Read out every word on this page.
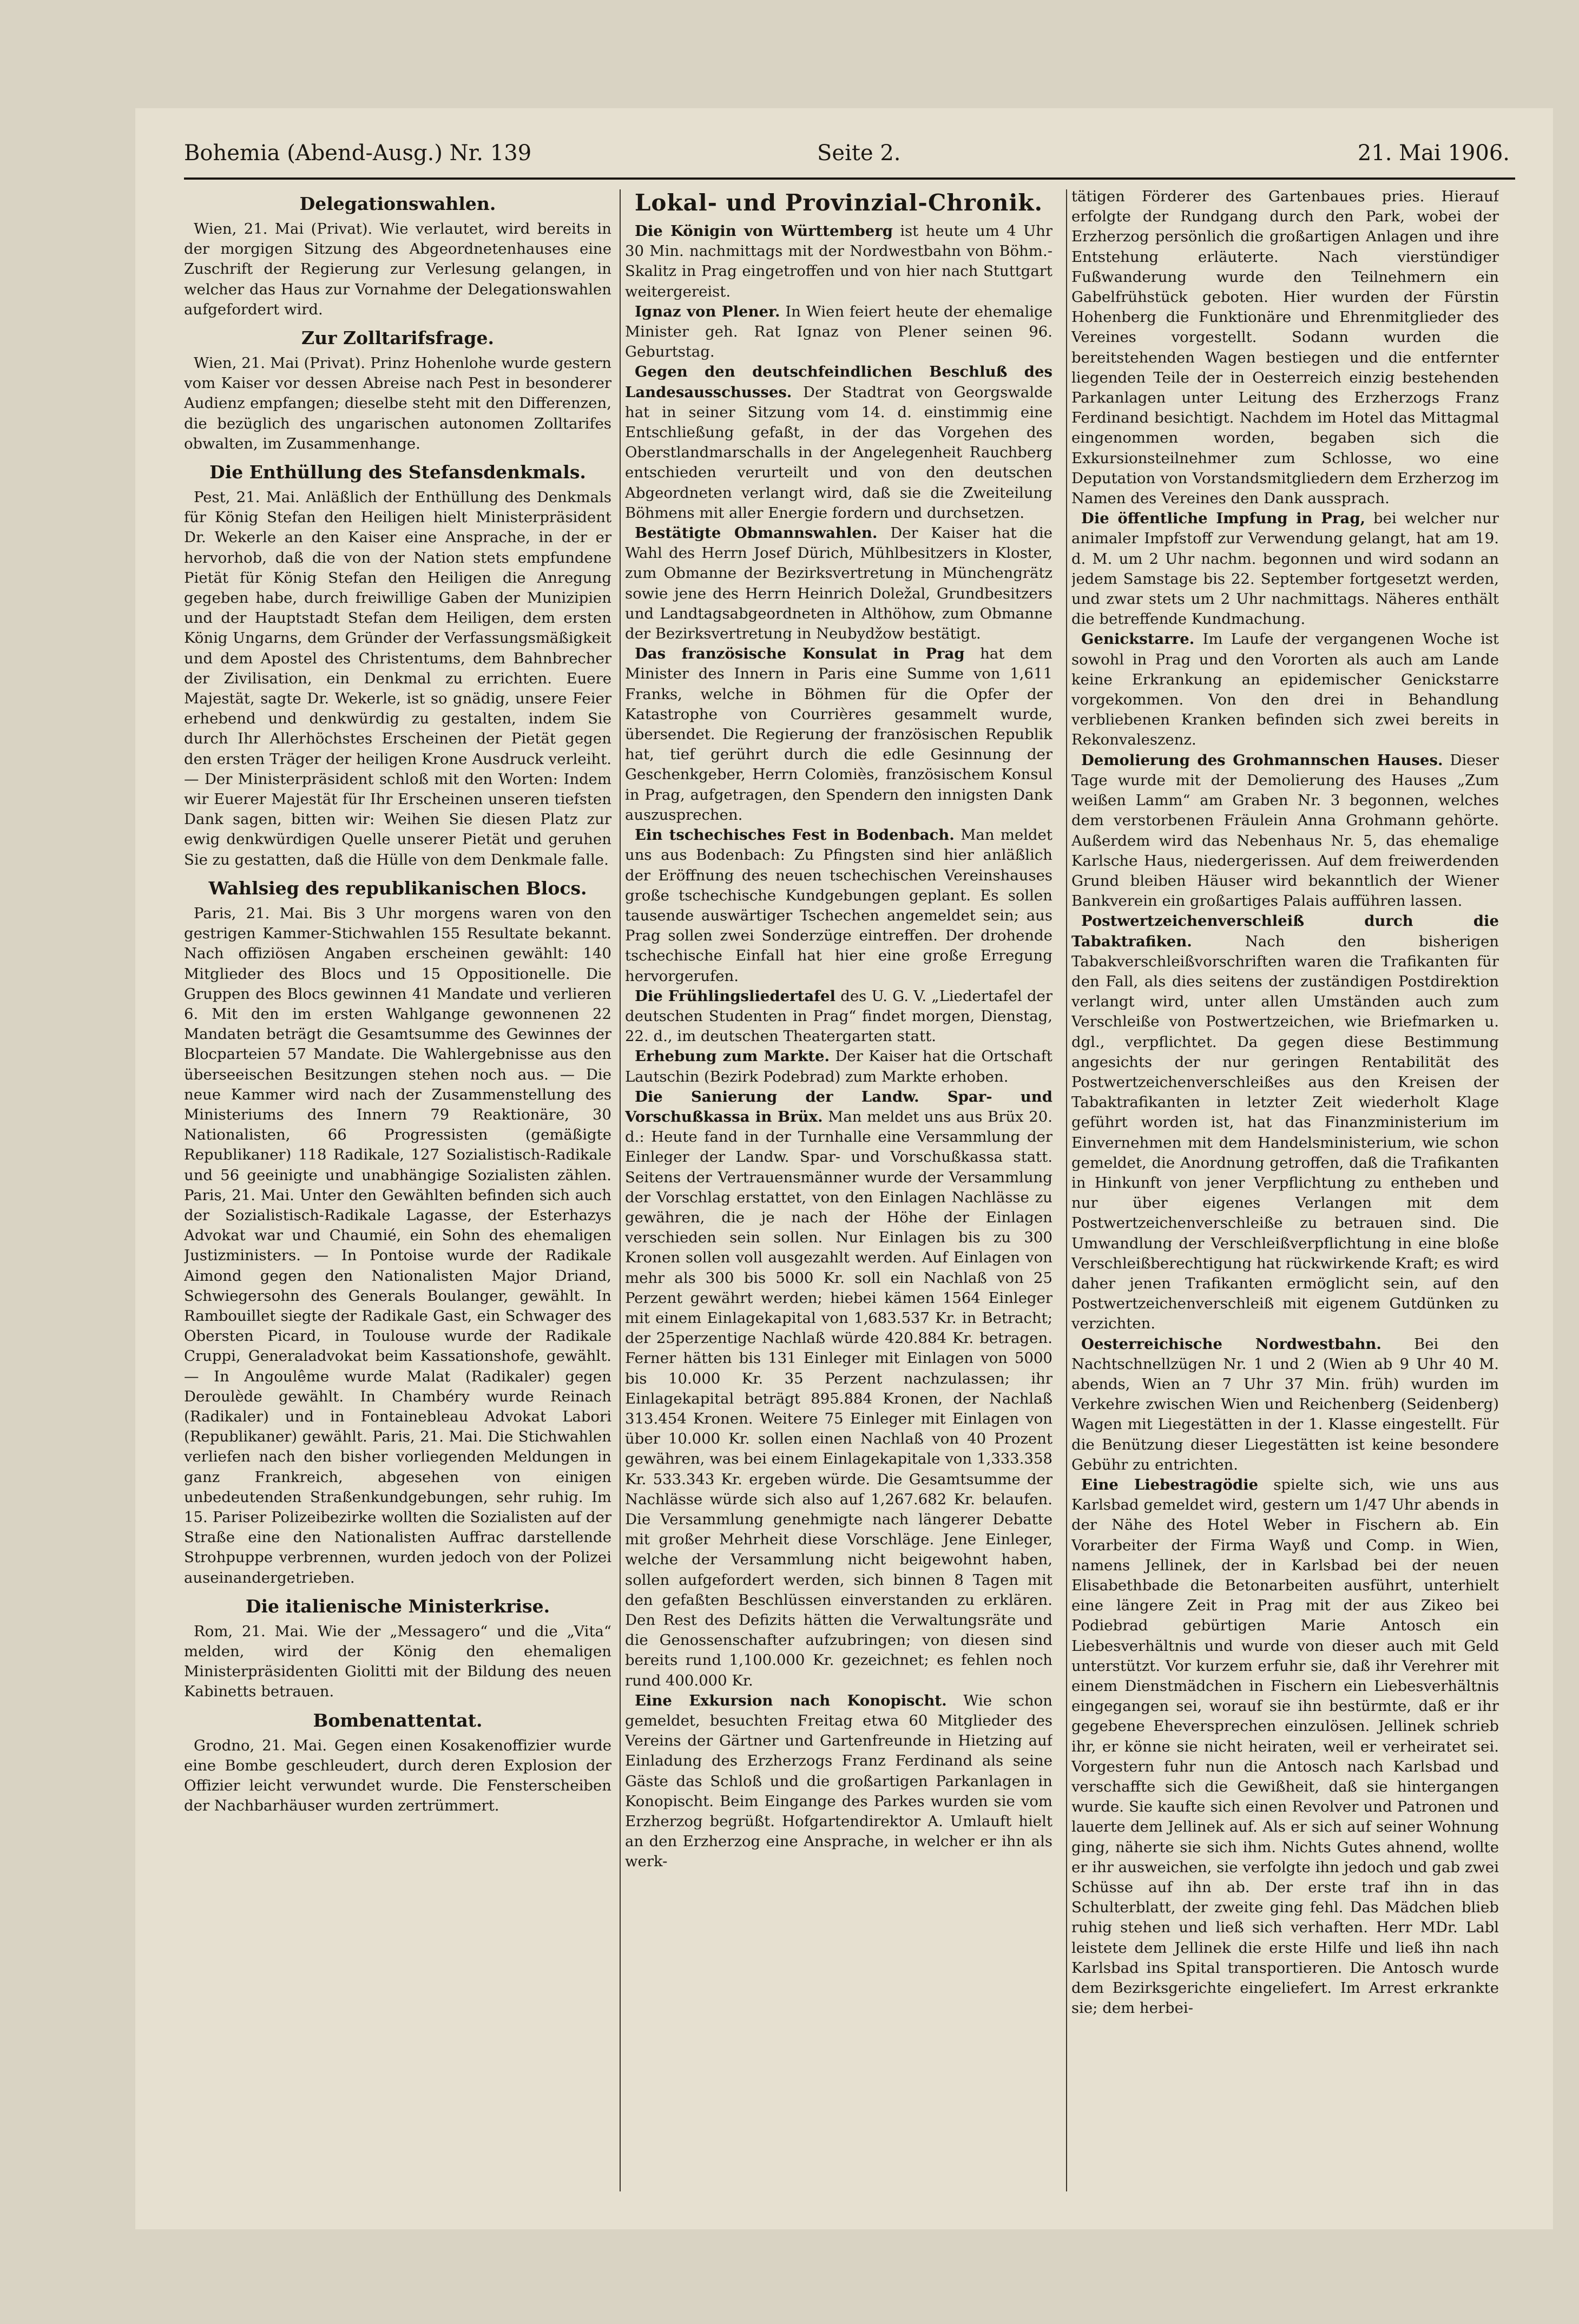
Bohemia (Abend-Ausg.) Nr. 139	Seite 2.	21. Mai 1906.
Delegationswahlen.

Wien, 21. Mai (Privat). Wie verlautet, wird bereits in der morgigen Sitzung des Abgeordnetenhauses eine Zuschrift der Regierung zur Verlesung gelangen, in welcher das Haus zur Vornahme der Delegationswahlen aufgefordert wird.

Zur Zolltarifsfrage.

Wien, 21. Mai (Privat). Prinz Hohenlohe wurde gestern vom Kaiser vor dessen Abreise nach Pest in besonderer Audienz empfangen; dieselbe steht mit den Differenzen, die bezüglich des ungarischen autonomen Zolltarifes obwalten, im Zusammenhange.

Die Enthüllung des Stefansdenkmals.

Pest, 21. Mai. Anläßlich der Enthüllung des Denkmals für König Stefan den Heiligen hielt Ministerpräsident Dr. Wekerle an den Kaiser eine Ansprache, in der er hervorhob, daß die von der Nation stets empfundene Pietät für König Stefan den Heiligen die Anregung gegeben habe, durch freiwillige Gaben der Munizipien und der Hauptstadt Stefan dem Heiligen, dem ersten König Ungarns, dem Gründer der Verfassungsmäßigkeit und dem Apostel des Christentums, dem Bahnbrecher der Zivilisation, ein Denkmal zu errichten. Euere Majestät, sagte Dr. Wekerle, ist so gnädig, unsere Feier erhebend und denkwürdig zu gestalten, indem Sie durch Ihr Allerhöchstes Erscheinen der Pietät gegen den ersten Träger der heiligen Krone Ausdruck verleiht. — Der Ministerpräsident schloß mit den Worten: Indem wir Euerer Majestät für Ihr Erscheinen unseren tiefsten Dank sagen, bitten wir: Weihen Sie diesen Platz zur ewig denkwürdigen Quelle unserer Pietät und geruhen Sie zu gestatten, daß die Hülle von dem Denkmale falle.

Wahlsieg des republikanischen Blocs.

Paris, 21. Mai. Bis 3 Uhr morgens waren von den gestrigen Kammer-Stichwahlen 155 Resultate bekannt. Nach offiziösen Angaben erscheinen gewählt: 140 Mitglieder des Blocs und 15 Oppositionelle. Die Gruppen des Blocs gewinnen 41 Mandate und verlieren 6. Mit den im ersten Wahlgange gewonnenen 22 Mandaten beträgt die Gesamtsumme des Gewinnes der Blocparteien 57 Mandate. Die Wahlergebnisse aus den überseeischen Besitzungen stehen noch aus. — Die neue Kammer wird nach der Zusammenstellung des Ministeriums des Innern 79 Reaktionäre, 30 Nationalisten, 66 Progressisten (gemäßigte Republikaner) 118 Radikale, 127 Sozialistisch-Radikale und 56 geeinigte und unabhängige Sozialisten zählen. Paris, 21. Mai. Unter den Gewählten befinden sich auch der Sozialistisch-Radikale Lagasse, der Esterhazys Advokat war und Chaumié, ein Sohn des ehemaligen Justizministers. — In Pontoise wurde der Radikale Aimond gegen den Nationalisten Major Driand, Schwiegersohn des Generals Boulanger, gewählt. In Rambouillet siegte der Radikale Gast, ein Schwager des Obersten Picard, in Toulouse wurde der Radikale Cruppi, Generaladvokat beim Kassationshofe, gewählt. — In Angoulême wurde Malat (Radikaler) gegen Deroulède gewählt. In Chambéry wurde Reinach (Radikaler) und in Fontainebleau Advokat Labori (Republikaner) gewählt. Paris, 21. Mai. Die Stichwahlen verliefen nach den bisher vorliegenden Meldungen in ganz Frankreich, abgesehen von einigen unbedeutenden Straßenkundgebungen, sehr ruhig. Im 15. Pariser Polizeibezirke wollten die Sozialisten auf der Straße eine den Nationalisten Auffrac darstellende Strohpuppe verbrennen, wurden jedoch von der Polizei auseinandergetrieben.

Die italienische Ministerkrise.

Rom, 21. Mai. Wie der „Messagero“ und die „Vita“ melden, wird der König den ehemaligen Ministerpräsidenten Giolitti mit der Bildung des neuen Kabinetts betrauen.

Bombenattentat.

Grodno, 21. Mai. Gegen einen Kosakenoffizier wurde eine Bombe geschleudert, durch deren Explosion der Offizier leicht verwundet wurde. Die Fensterscheiben der Nachbarhäuser wurden zertrümmert.

Lokal- und Provinzial-Chronik.

Die Königin von Württemberg ist heute um 4 Uhr 30 Min. nachmittags mit der Nordwestbahn von Böhm.-Skalitz in Prag eingetroffen und von hier nach Stuttgart weitergereist.

Ignaz von Plener. In Wien feiert heute der ehemalige Minister geh. Rat Ignaz von Plener seinen 96. Geburtstag.

Gegen den deutschfeindlichen Beschluß des Landesausschusses. Der Stadtrat von Georgswalde hat in seiner Sitzung vom 14. d. einstimmig eine Entschließung gefaßt, in der das Vorgehen des Oberstlandmarschalls in der Angelegenheit Rauchberg entschieden verurteilt und von den deutschen Abgeordneten verlangt wird, daß sie die Zweiteilung Böhmens mit aller Energie fordern und durchsetzen.

Bestätigte Obmannswahlen. Der Kaiser hat die Wahl des Herrn Josef Dürich, Mühlbesitzers in Kloster, zum Obmanne der Bezirksvertretung in Münchengrätz sowie jene des Herrn Heinrich Doležal, Grundbesitzers und Landtagsabgeordneten in Althöhow, zum Obmanne der Bezirksvertretung in Neubydžow bestätigt.

Das französische Konsulat in Prag hat dem Minister des Innern in Paris eine Summe von 1,611 Franks, welche in Böhmen für die Opfer der Katastrophe von Courrières gesammelt wurde, übersendet. Die Regierung der französischen Republik hat, tief gerührt durch die edle Gesinnung der Geschenkgeber, Herrn Colomiès, französischem Konsul in Prag, aufgetragen, den Spendern den innigsten Dank auszusprechen.

Ein tschechisches Fest in Bodenbach. Man meldet uns aus Bodenbach: Zu Pfingsten sind hier anläßlich der Eröffnung des neuen tschechischen Vereinshauses große tschechische Kundgebungen geplant. Es sollen tausende auswärtiger Tschechen angemeldet sein; aus Prag sollen zwei Sonderzüge eintreffen. Der drohende tschechische Einfall hat hier eine große Erregung hervorgerufen.

Die Frühlingsliedertafel des U. G. V. „Liedertafel der deutschen Studenten in Prag“ findet morgen, Dienstag, 22. d., im deutschen Theatergarten statt.

Erhebung zum Markte. Der Kaiser hat die Ortschaft Lautschin (Bezirk Podebrad) zum Markte erhoben.

Die Sanierung der Landw. Spar- und Vorschußkassa in Brüx. Man meldet uns aus Brüx 20. d.: Heute fand in der Turnhalle eine Versammlung der Einleger der Landw. Spar- und Vorschußkassa statt. Seitens der Vertrauensmänner wurde der Versammlung der Vorschlag erstattet, von den Einlagen Nachlässe zu gewähren, die je nach der Höhe der Einlagen verschieden sein sollen. Nur Einlagen bis zu 300 Kronen sollen voll ausgezahlt werden. Auf Einlagen von mehr als 300 bis 5000 Kr. soll ein Nachlaß von 25 Perzent gewährt werden; hiebei kämen 1564 Einleger mit einem Einlagekapital von 1,683.537 Kr. in Betracht; der 25perzentige Nachlaß würde 420.884 Kr. betragen. Ferner hätten bis 131 Einleger mit Einlagen von 5000 bis 10.000 Kr. 35 Perzent nachzulassen; ihr Einlagekapital beträgt 895.884 Kronen, der Nachlaß 313.454 Kronen. Weitere 75 Einleger mit Einlagen von über 10.000 Kr. sollen einen Nachlaß von 40 Prozent gewähren, was bei einem Einlagekapitale von 1,333.358 Kr. 533.343 Kr. ergeben würde. Die Gesamtsumme der Nachlässe würde sich also auf 1,267.682 Kr. belaufen. Die Versammlung genehmigte nach längerer Debatte mit großer Mehrheit diese Vorschläge. Jene Einleger, welche der Versammlung nicht beigewohnt haben, sollen aufgefordert werden, sich binnen 8 Tagen mit den gefaßten Beschlüssen einverstanden zu erklären. Den Rest des Defizits hätten die Verwaltungsräte und die Genossenschafter aufzubringen; von diesen sind bereits rund 1,100.000 Kr. gezeichnet; es fehlen noch rund 400.000 Kr.

Eine Exkursion nach Konopischt. Wie schon gemeldet, besuchten Freitag etwa 60 Mitglieder des Vereins der Gärtner und Gartenfreunde in Hietzing auf Einladung des Erzherzogs Franz Ferdinand als seine Gäste das Schloß und die großartigen Parkanlagen in Konopischt. Beim Eingange des Parkes wurden sie vom Erzherzog begrüßt. Hofgartendirektor A. Umlauft hielt an den Erzherzog eine Ansprache, in welcher er ihn als werk-

tätigen Förderer des Gartenbaues pries. Hierauf erfolgte der Rundgang durch den Park, wobei der Erzherzog persönlich die großartigen Anlagen und ihre Entstehung erläuterte. Nach vierstündiger Fußwanderung wurde den Teilnehmern ein Gabelfrühstück geboten. Hier wurden der Fürstin Hohenberg die Funktionäre und Ehrenmitglieder des Vereines vorgestellt. Sodann wurden die bereitstehenden Wagen bestiegen und die entfernter liegenden Teile der in Oesterreich einzig bestehenden Parkanlagen unter Leitung des Erzherzogs Franz Ferdinand besichtigt. Nachdem im Hotel das Mittagmal eingenommen worden, begaben sich die Exkursionsteilnehmer zum Schlosse, wo eine Deputation von Vorstandsmitgliedern dem Erzherzog im Namen des Vereines den Dank aussprach.

Die öffentliche Impfung in Prag, bei welcher nur animaler Impfstoff zur Verwendung gelangt, hat am 19. d. M. um 2 Uhr nachm. begonnen und wird sodann an jedem Samstage bis 22. September fortgesetzt werden, und zwar stets um 2 Uhr nachmittags. Näheres enthält die betreffende Kundmachung.

Genickstarre. Im Laufe der vergangenen Woche ist sowohl in Prag und den Vororten als auch am Lande keine Erkrankung an epidemischer Genickstarre vorgekommen. Von den drei in Behandlung verbliebenen Kranken befinden sich zwei bereits in Rekonvaleszenz.

Demolierung des Grohmannschen Hauses. Dieser Tage wurde mit der Demolierung des Hauses „Zum weißen Lamm“ am Graben Nr. 3 begonnen, welches dem verstorbenen Fräulein Anna Grohmann gehörte. Außerdem wird das Nebenhaus Nr. 5, das ehemalige Karlsche Haus, niedergerissen. Auf dem freiwerdenden Grund bleiben Häuser wird bekanntlich der Wiener Bankverein ein großartiges Palais aufführen lassen.

Postwertzeichenverschleiß durch die Tabaktrafiken.	Nach den bisherigen Tabakverschleißvorschriften waren die Trafikanten für den Fall, als dies seitens der zuständigen Postdirektion verlangt wird, unter allen Umständen auch zum Verschleiße von Postwertzeichen, wie Briefmarken u. dgl., verpflichtet. Da gegen diese Bestimmung angesichts der nur geringen Rentabilität des Postwertzeichenverschleißes aus den Kreisen der Tabaktrafikanten in letzter Zeit wiederholt Klage geführt worden ist, hat das Finanzministerium im Einvernehmen mit dem Handelsministerium, wie schon gemeldet, die Anordnung getroffen, daß die Trafikanten in Hinkunft von jener Verpflichtung zu entheben und nur über eigenes Verlangen mit dem Postwertzeichenverschleiße zu betrauen sind. Die Umwandlung der Verschleißverpflichtung in eine bloße Verschleißberechtigung hat rückwirkende Kraft; es wird daher jenen Trafikanten ermöglicht sein, auf den Postwertzeichenverschleiß mit eigenem Gutdünken zu verzichten.

Oesterreichische Nordwestbahn. Bei den Nachtschnellzügen Nr. 1 und 2 (Wien ab 9 Uhr 40 M. abends, Wien an 7 Uhr 37 Min. früh) wurden im Verkehre zwischen Wien und Reichenberg (Seidenberg) Wagen mit Liegestätten in der 1. Klasse eingestellt. Für die Benützung dieser Liegestätten ist keine besondere Gebühr zu entrichten.

Eine Liebestragödie spielte sich, wie uns aus Karlsbad gemeldet wird, gestern um 1/47 Uhr abends in der Nähe des Hotel Weber in Fischern ab. Ein Vorarbeiter der Firma Wayß und Comp. in Wien, namens Jellinek, der in Karlsbad bei der neuen Elisabethbade die Betonarbeiten ausführt, unterhielt eine längere Zeit in Prag mit der aus Zikeo bei Podiebrad gebürtigen Marie Antosch ein Liebesverhältnis und wurde von dieser auch mit Geld unterstützt. Vor kurzem erfuhr sie, daß ihr Verehrer mit einem Dienstmädchen in Fischern ein Liebesverhältnis eingegangen sei, worauf sie ihn bestürmte, daß er ihr gegebene Eheversprechen einzulösen. Jellinek schrieb ihr, er könne sie nicht heiraten, weil er verheiratet sei. Vorgestern fuhr nun die Antosch nach Karlsbad und verschaffte sich die Gewißheit, daß sie hintergangen wurde. Sie kaufte sich einen Revolver und Patronen und lauerte dem Jellinek auf. Als er sich auf seiner Wohnung ging, näherte sie sich ihm. Nichts Gutes ahnend, wollte er ihr ausweichen, sie verfolgte ihn jedoch und gab zwei Schüsse auf ihn ab. Der erste traf ihn in das Schulterblatt, der zweite ging fehl. Das Mädchen blieb ruhig stehen und ließ sich verhaften. Herr MDr. Labl leistete dem Jellinek die erste Hilfe und ließ ihn nach Karlsbad ins Spital transportieren. Die Antosch wurde dem Bezirksgerichte eingeliefert. Im Arrest erkrankte sie; dem herbei-
